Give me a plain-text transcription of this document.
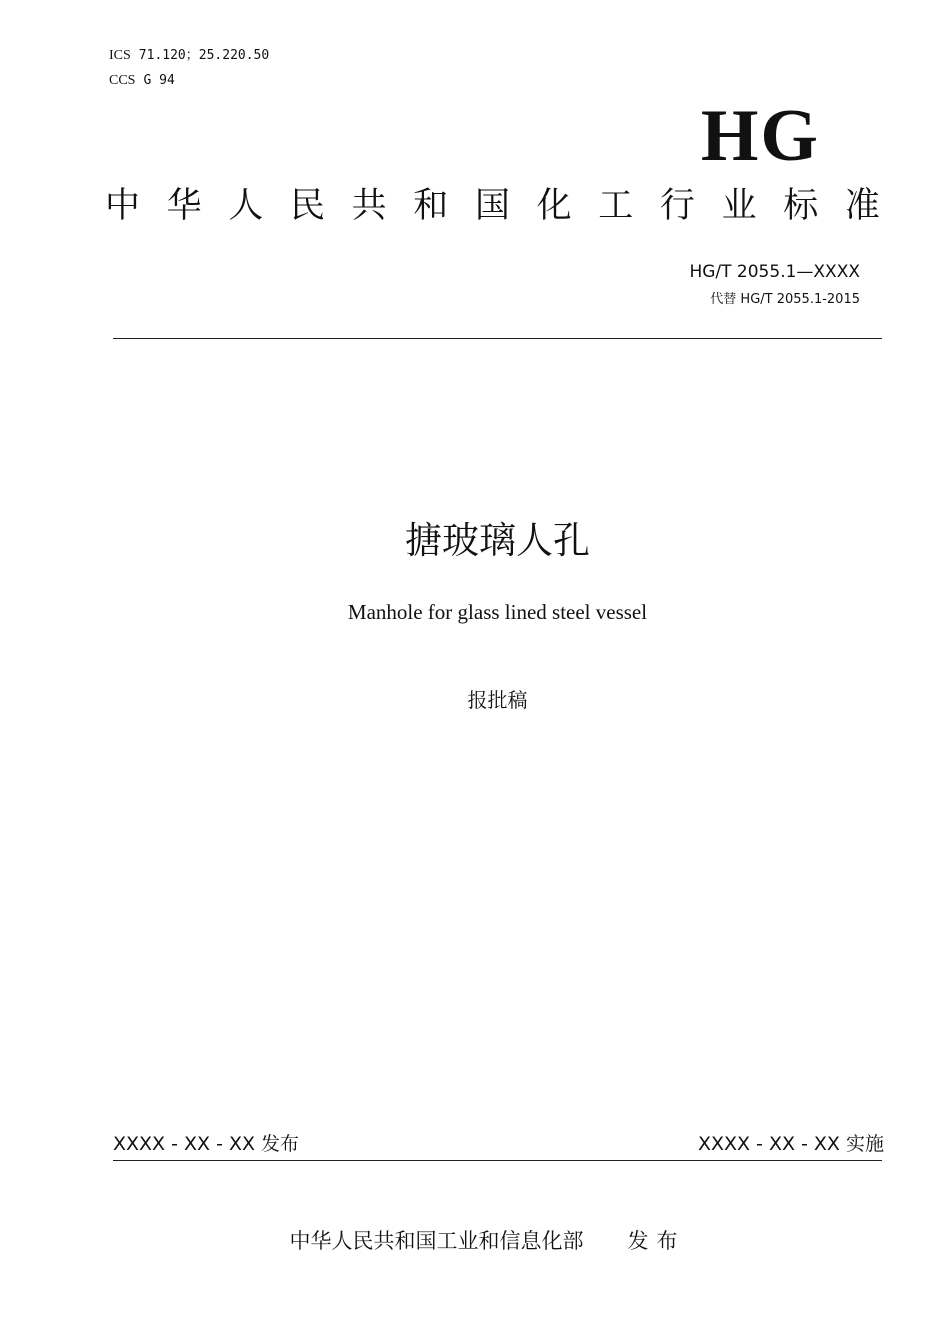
ICS 71.120；25.220.50
CCS G 94
HG
中 华 人 民 共 和 国 化 工 行 业 标 准
HG/T 2055.1—XXXX
代替 HG/T 2055.1-2015
搪玻璃人孔
Manhole for glass lined steel vessel
报批稿
XXXX - XX - XX 发布	XXXX - XX - XX 实施
中华人民共和国工业和信息化部 发布
